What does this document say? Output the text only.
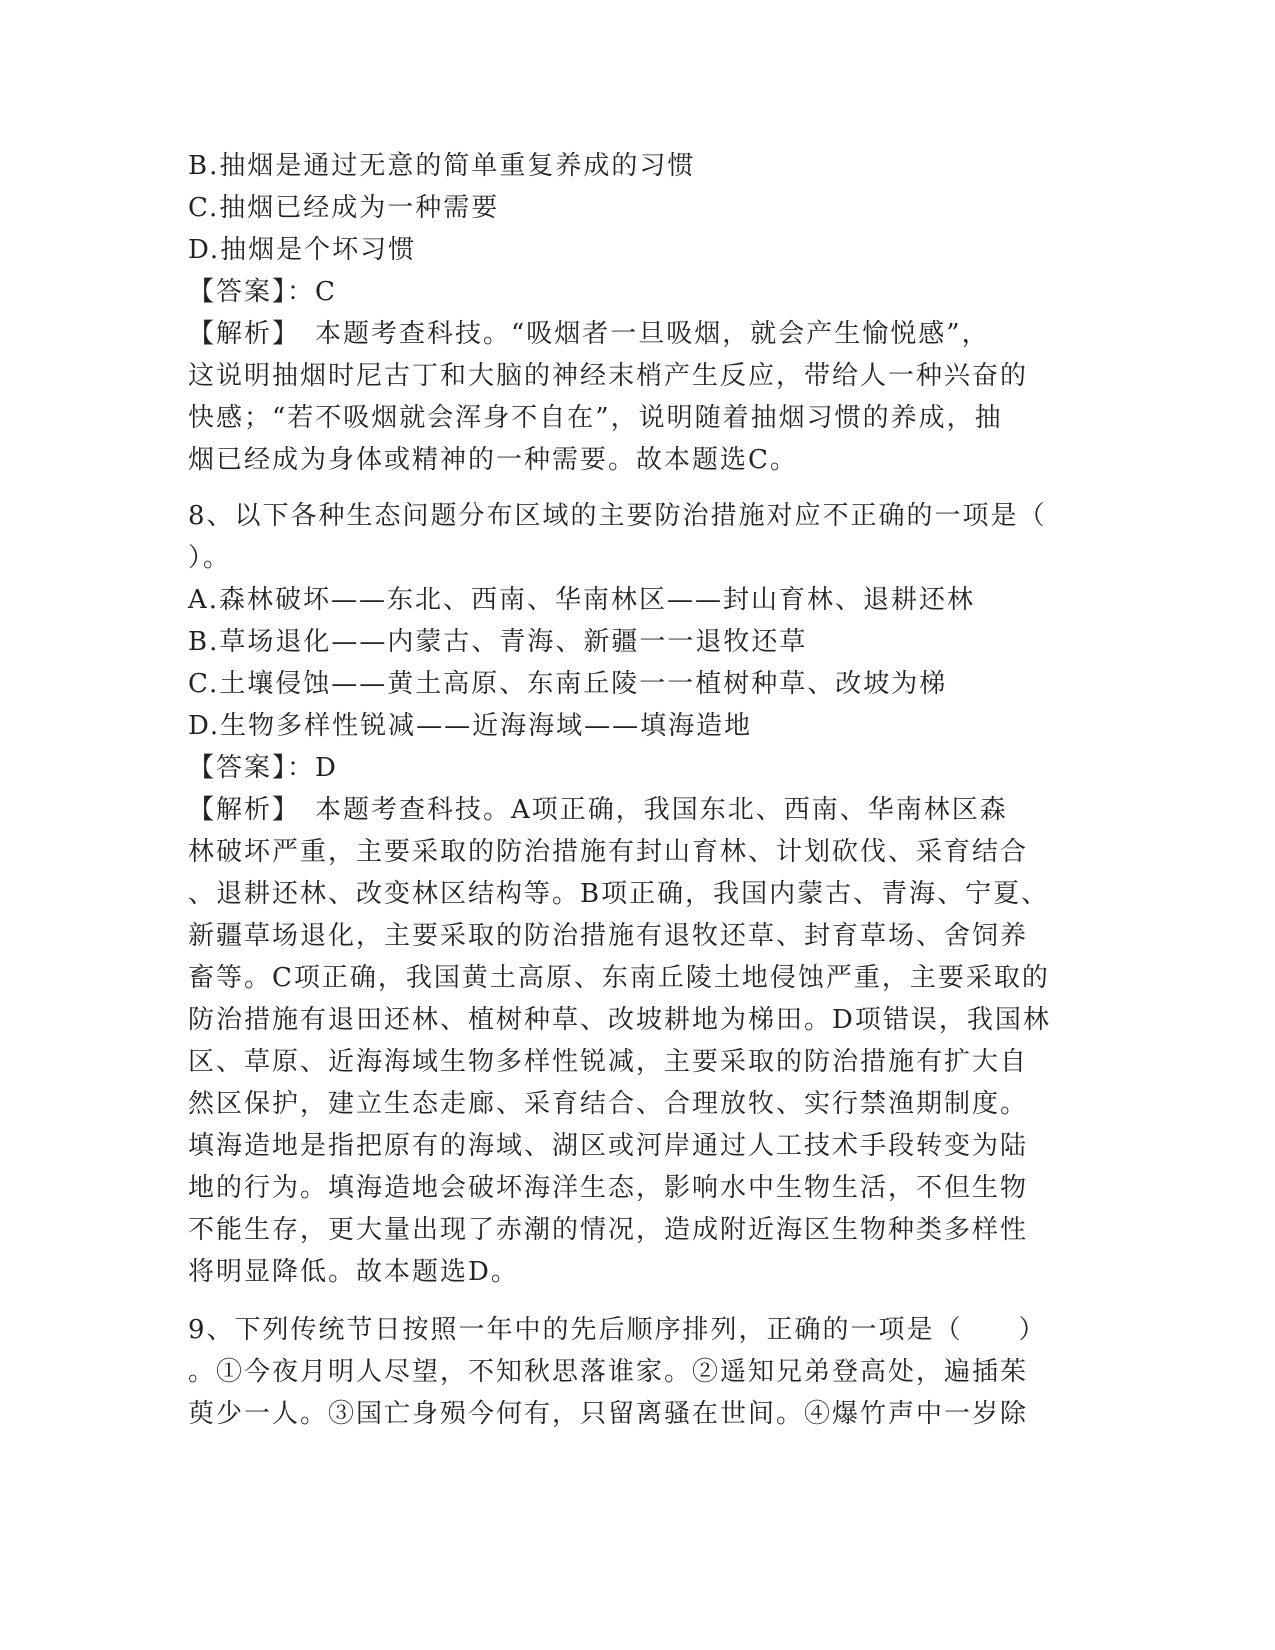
B.抽烟是通过无意的简单重复养成的习惯
C.抽烟已经成为一种需要
D.抽烟是个坏习惯
【答案】：C
【解析】　本题考查科技。“吸烟者一旦吸烟，就会产生愉悦感”，
这说明抽烟时尼古丁和大脑的神经末梢产生反应，带给人一种兴奋的
快感；“若不吸烟就会浑身不自在”，说明随着抽烟习惯的养成，抽
烟已经成为身体或精神的一种需要。故本题选C。
8、以下各种生态问题分布区域的主要防治措施对应不正确的一项是（
）。
A.森林破坏——东北、西南、华南林区——封山育林、退耕还林
B.草场退化——内蒙古、青海、新疆一一退牧还草
C.土壤侵蚀——黄土高原、东南丘陵一一植树种草、改坡为梯
D.生物多样性锐减——近海海域——填海造地
【答案】：D
【解析】　本题考查科技。A项正确，我国东北、西南、华南林区森
林破坏严重，主要采取的防治措施有封山育林、计划砍伐、采育结合
、退耕还林、改变林区结构等。B项正确，我国内蒙古、青海、宁夏、
新疆草场退化，主要采取的防治措施有退牧还草、封育草场、舍饲养
畜等。C项正确，我国黄土高原、东南丘陵土地侵蚀严重，主要采取的
防治措施有退田还林、植树种草、改坡耕地为梯田。D项错误，我国林
区、草原、近海海域生物多样性锐减，主要采取的防治措施有扩大自
然区保护，建立生态走廊、采育结合、合理放牧、实行禁渔期制度。
填海造地是指把原有的海域、湖区或河岸通过人工技术手段转变为陆
地的行为。填海造地会破坏海洋生态，影响水中生物生活，不但生物
不能生存，更大量出现了赤潮的情况，造成附近海区生物种类多样性
将明显降低。故本题选D。
9、下列传统节日按照一年中的先后顺序排列，正确的一项是（　　）
。①今夜月明人尽望，不知秋思落谁家。②遥知兄弟登高处，遍插茱
萸少一人。③国亡身殒今何有，只留离骚在世间。④爆竹声中一岁除
